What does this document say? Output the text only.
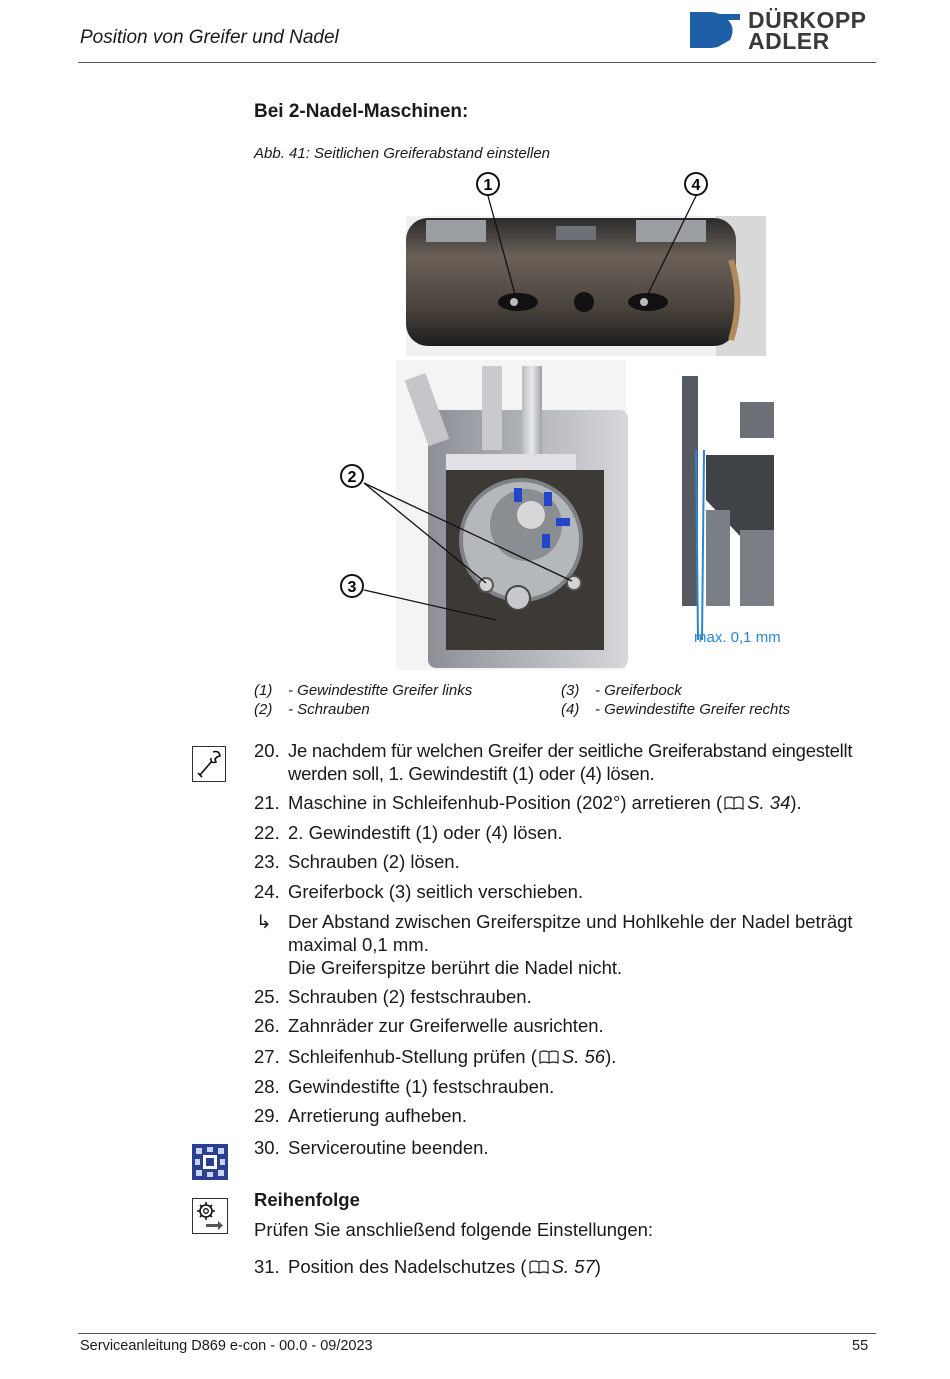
Position von Greifer und Nadel
DÜRKOPP
ADLER
Bei 2-Nadel-Maschinen:
Abb. 41: Seitlichen Greiferabstand einstellen
1	4
2
3
max. 0,1 mm
(1) - Gewindestifte Greifer links
(2) - Schrauben
(3) - Greiferbock
(4) - Gewindestifte Greifer rechts
20. Je nachdem für welchen Greifer der seitliche Greiferabstand eingestellt
werden soll, 1. Gewindestift (1) oder (4) lösen.
21. Maschine in Schleifenhub-Position (202°) arretieren ( S. 34).
22. 2. Gewindestift (1) oder (4) lösen.
23. Schrauben (2) lösen.
24. Greiferbock (3) seitlich verschieben.
↳ Der Abstand zwischen Greiferspitze und Hohlkehle der Nadel beträgt
maximal 0,1 mm.
Die Greiferspitze berührt die Nadel nicht.
25. Schrauben (2) festschrauben.
26. Zahnräder zur Greiferwelle ausrichten.
27. Schleifenhub-Stellung prüfen ( S. 56).
28. Gewindestifte (1) festschrauben.
29. Arretierung aufheben.
30. Serviceroutine beenden.
Reihenfolge
Prüfen Sie anschließend folgende Einstellungen:
31. Position des Nadelschutzes ( S. 57)
Serviceanleitung D869 e-con - 00.0 - 09/2023	55
